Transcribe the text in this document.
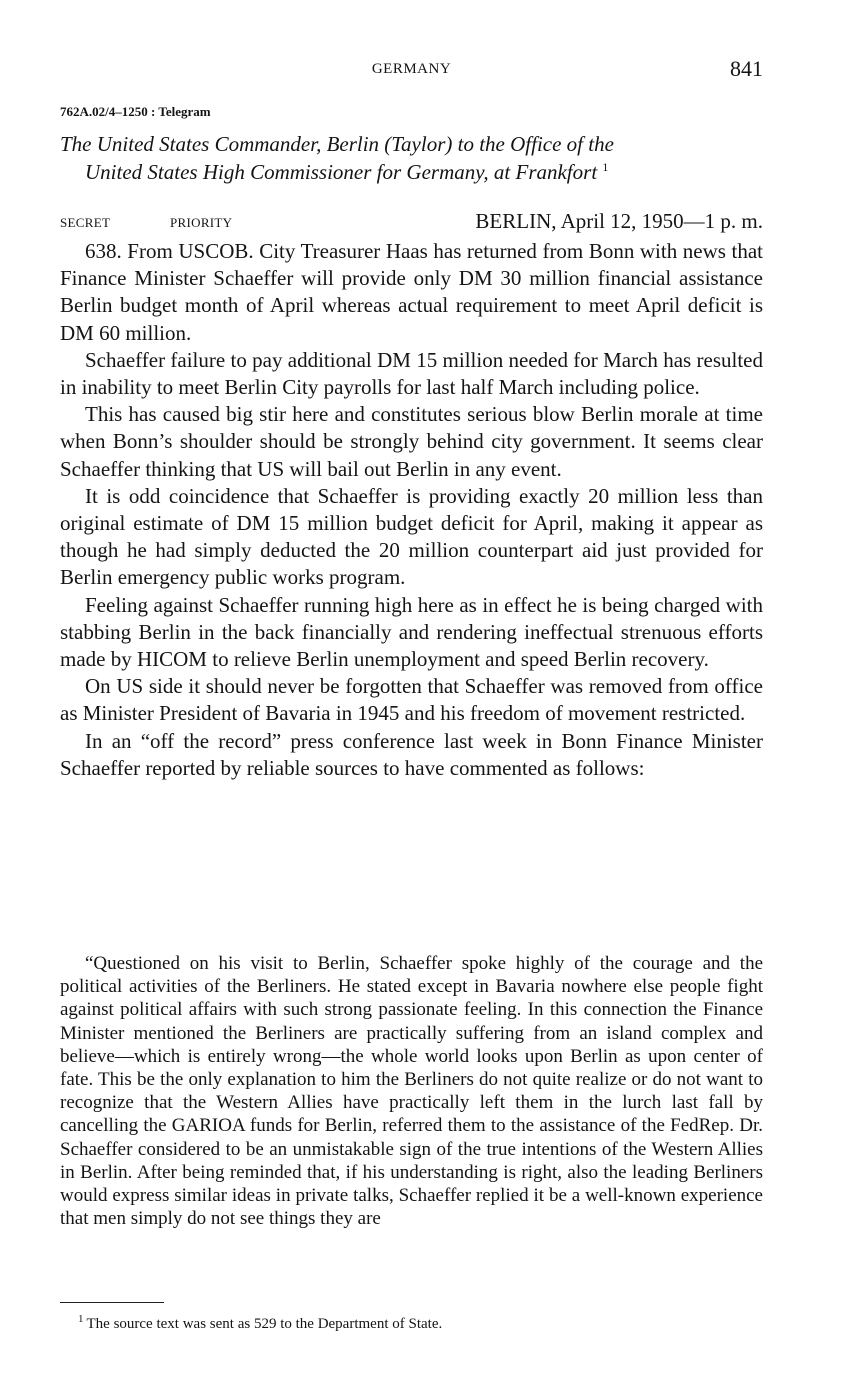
GERMANY	841
762A.02/4–1250 : Telegram
The United States Commander, Berlin (Taylor) to the Office of the
United States High Commissioner for Germany, at Frankfort $^1$
SECRET	PRIORITY	BERLIN, April 12, 1950—1 p. m.

638. From USCOB. City Treasurer Haas has returned from Bonn with news that Finance Minister Schaeffer will provide only DM 30 million financial assistance Berlin budget month of April whereas actual requirement to meet April deficit is DM 60 million.

Schaeffer failure to pay additional DM 15 million needed for March has resulted in inability to meet Berlin City payrolls for last half March including police.

This has caused big stir here and constitutes serious blow Berlin morale at time when Bonn’s shoulder should be strongly behind city government. It seems clear Schaeffer thinking that US will bail out Berlin in any event.

It is odd coincidence that Schaeffer is providing exactly 20 million less than original estimate of DM 15 million budget deficit for April, making it appear as though he had simply deducted the 20 million counterpart aid just provided for Berlin emergency public works program.

Feeling against Schaeffer running high here as in effect he is being charged with stabbing Berlin in the back financially and rendering ineffectual strenuous efforts made by HICOM to relieve Berlin unemployment and speed Berlin recovery.

On US side it should never be forgotten that Schaeffer was removed from office as Minister President of Bavaria in 1945 and his freedom of movement restricted.

In an “off the record” press conference last week in Bonn Finance Minister Schaeffer reported by reliable sources to have commented as follows:

“Questioned on his visit to Berlin, Schaeffer spoke highly of the courage and the political activities of the Berliners. He stated except in Bavaria nowhere else people fight against political affairs with such strong passionate feeling. In this connection the Finance Minister mentioned the Berliners are practically suffering from an island complex and believe—which is entirely wrong—the whole world looks upon Berlin as upon center of fate. This be the only explanation to him the Berliners do not quite realize or do not want to recognize that the Western Allies have practically left them in the lurch last fall by cancelling the GARIOA funds for Berlin, referred them to the assistance of the FedRep. Dr. Schaeffer considered to be an unmistakable sign of the true intentions of the Western Allies in Berlin. After being reminded that, if his understanding is right, also the leading Berliners would express similar ideas in private talks, Schaeffer replied it be a well-known experience that men simply do not see things they are

$^1$ The source text was sent as 529 to the Department of State.
